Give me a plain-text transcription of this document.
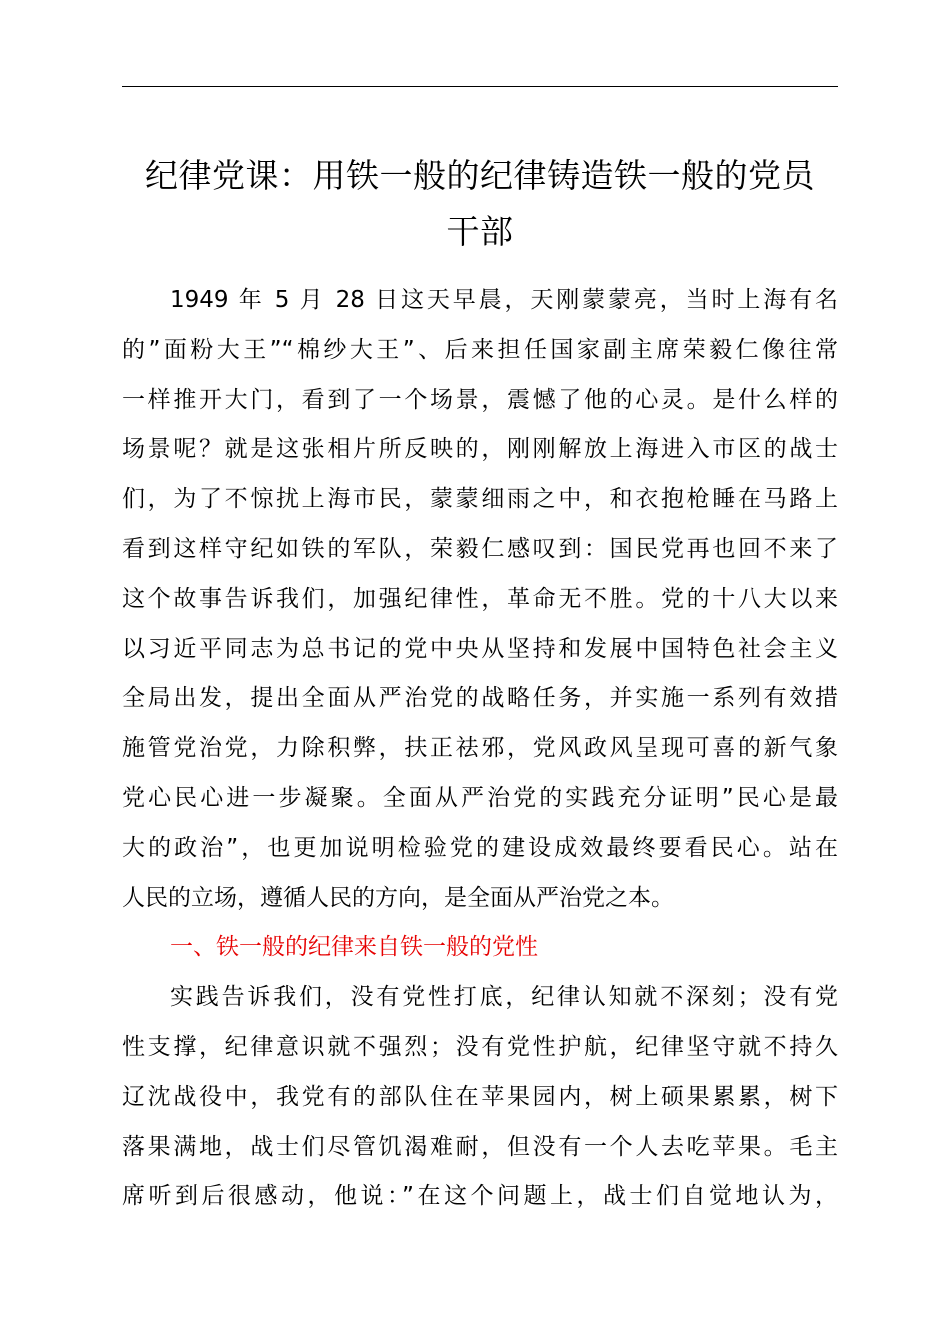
纪律党课：用铁一般的纪律铸造铁一般的党员
干部
1949 年 5 月 28 日这天早晨，天刚蒙蒙亮，当时上海有名
的”面粉大王”“棉纱大王”、后来担任国家副主席荣毅仁像往常
一样推开大门，看到了一个场景，震憾了他的心灵。是什么样的
场景呢？就是这张相片所反映的，刚刚解放上海进入市区的战士
们，为了不惊扰上海市民，蒙蒙细雨之中，和衣抱枪睡在马路上
看到这样守纪如铁的军队，荣毅仁感叹到：国民党再也回不来了
这个故事告诉我们，加强纪律性，革命无不胜。党的十八大以来
以习近平同志为总书记的党中央从坚持和发展中国特色社会主义
全局出发，提出全面从严治党的战略任务，并实施一系列有效措
施管党治党，力除积弊，扶正祛邪，党风政风呈现可喜的新气象
党心民心进一步凝聚。全面从严治党的实践充分证明”民心是最
大的政治”，也更加说明检验党的建设成效最终要看民心。站在
人民的立场，遵循人民的方向，是全面从严治党之本。
一、铁一般的纪律来自铁一般的党性
实践告诉我们，没有党性打底，纪律认知就不深刻；没有党
性支撑，纪律意识就不强烈；没有党性护航，纪律坚守就不持久
辽沈战役中，我党有的部队住在苹果园内，树上硕果累累，树下
落果满地，战士们尽管饥渴难耐，但没有一个人去吃苹果。毛主
席听到后很感动，他说：”在这个问题上，战士们自觉地认为，
